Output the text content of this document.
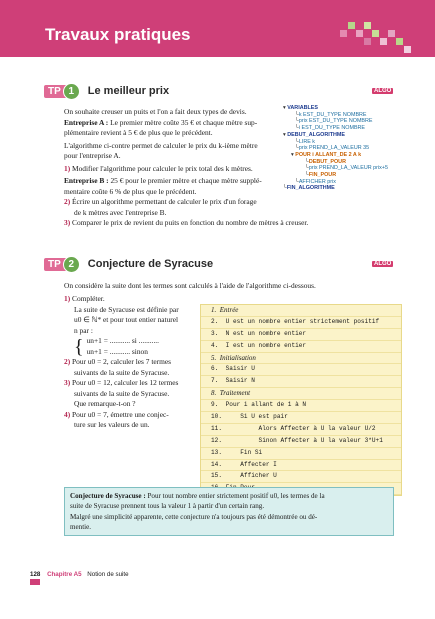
Travaux pratiques
TP 1	Le meilleur prix	ALGO

On souhaite creuser un puits et l'on a fait deux types de devis.

Entreprise A : Le premier mètre coûte 35 € et chaque mètre sup-

plémentaire revient à 5 € de plus que le précédent.

L'algorithme ci-contre permet de calculer le prix du k-ième mètre

pour l'entreprise A.

1) Modifier l'algorithme pour calculer le prix total des k mètres.

Entreprise B : 25 € pour le premier mètre et chaque mètre supplé-

mentaire coûte 6 % de plus que le précédent.

2) Écrire un algorithme permettant de calculer le prix d'un forage

de k mètres avec l'entreprise B.

3) Comparer le prix de revient du puits en fonction du nombre de mètres à creuser.

▾ VARIABLES
└k EST_DU_TYPE NOMBRE
└prix EST_DU_TYPE NOMBRE
└i EST_DU_TYPE NOMBRE
▾ DEBUT_ALGORITHME
└LIRE k
└prix PREND_LA_VALEUR 35
▾ POUR i ALLANT_DE 2 A k
└DEBUT_POUR
└prix PREND_LA_VALEUR prix+5
└FIN_POUR
└AFFICHER prix
└FIN_ALGORITHME
TP 2	Conjecture de Syracuse	ALGO
On considère la suite dont les termes sont calculés à l'aide de l'algorithme ci-dessous.

1) Compléter.

La suite de Syracuse est définie par

u0 ∈ ℕ* et pour tout entier naturel

n par :

{ un+1 = ........... si ...........

un+1 = ........... sinon

2) Pour u0 = 2, calculer les 7 termes

suivants de la suite de Syracuse.

3) Pour u0 = 12, calculer les 12 termes

suivants de la suite de Syracuse.

Que remarque-t-on ?

4) Pour u0 = 7, émettre une conjec-

ture sur les valeurs de un.

1.  Entrée
2.  U est un nombre entier strictement positif
3.  N est un nombre entier
4.  I est un nombre entier
5.  Initialisation
6.  Saisir U
7.  Saisir N
8.  Traitement
9.  Pour i allant de 1 à N
10.     Si U est pair
11.          Alors Affecter à U la valeur U/2
12.          Sinon Affecter à U la valeur 3*U+1
13.     Fin Si
14.     Affecter I
15.     Afficher U

Conjecture de Syracuse : Pour tout nombre entier strictement positif u0, les termes de la

suite de Syracuse prennent tous la valeur 1 à partir d'un certain rang.

Malgré une simplicité apparente, cette conjecture n'a toujours pas été démontrée ou dé-

mentie.

128 Chapitre A5 Notion de suite
